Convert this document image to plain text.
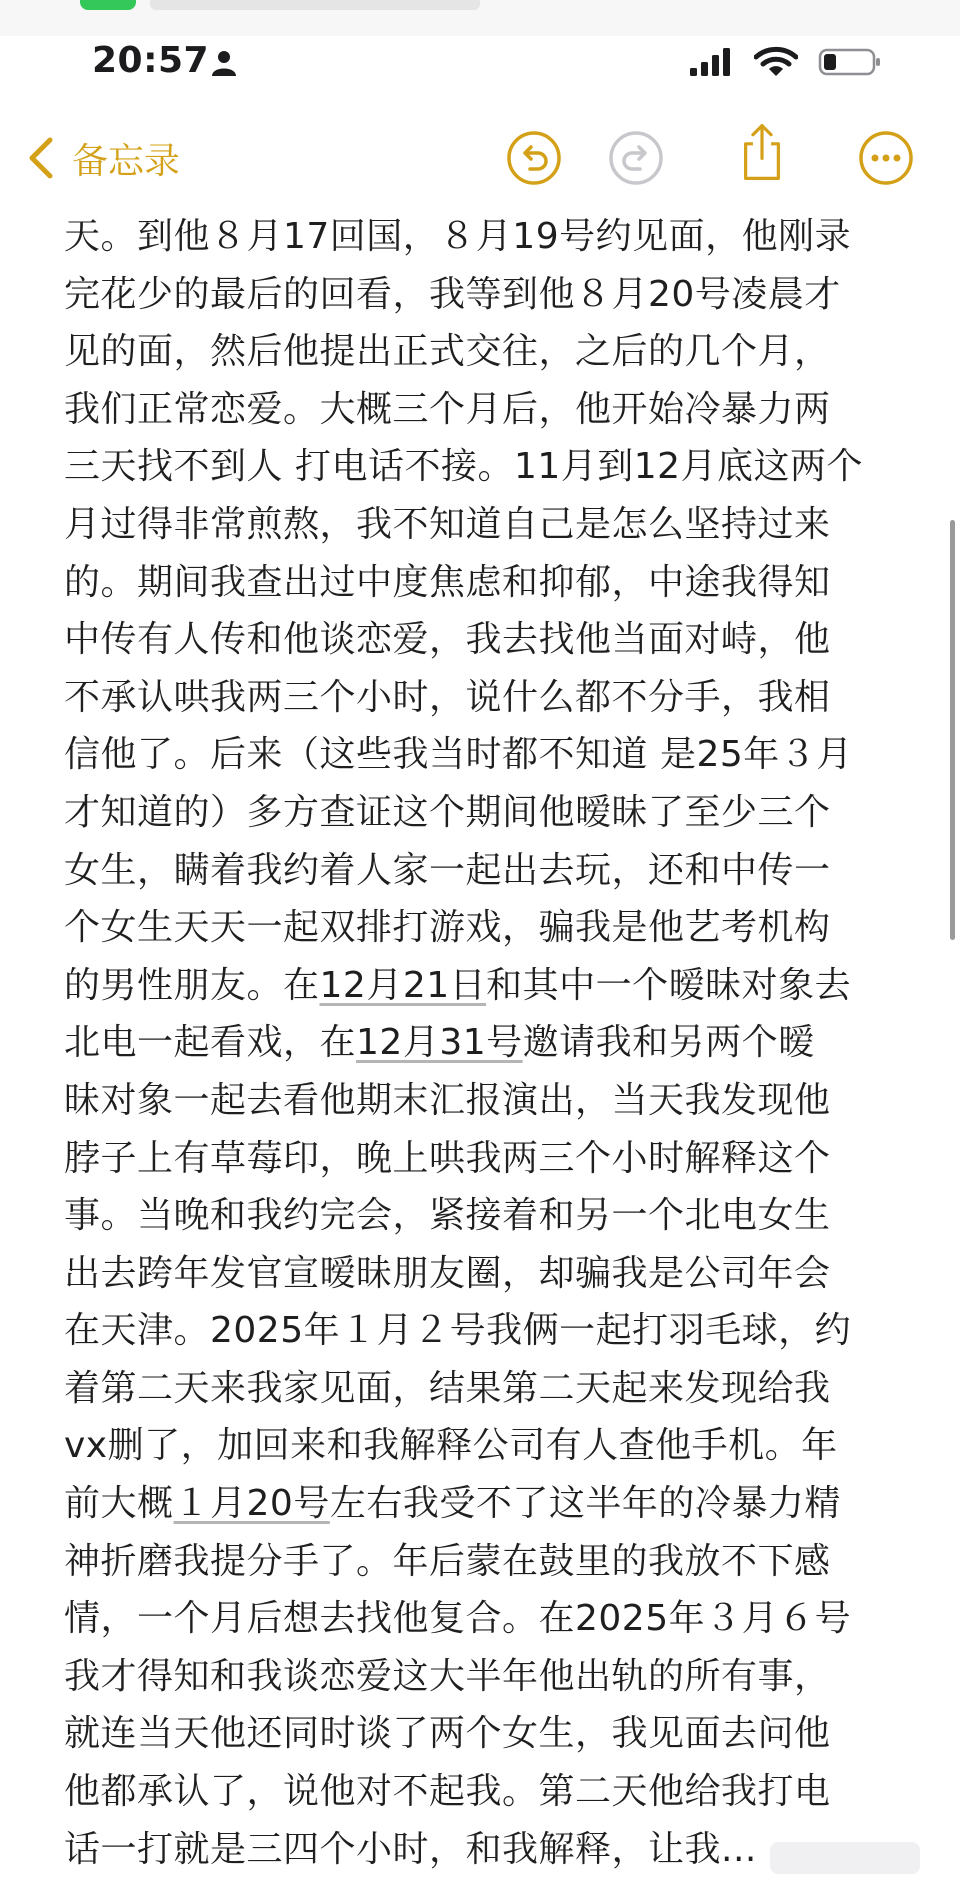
20:57
备忘录
天。到他８月17回国，８月19号约见面，他刚录
完花少的最后的回看，我等到他８月20号凌晨才
见的面，然后他提出正式交往，之后的几个月，
我们正常恋爱。大概三个月后，他开始冷暴力两
三天找不到人 打电话不接。11月到12月底这两个
月过得非常煎熬，我不知道自己是怎么坚持过来
的。期间我查出过中度焦虑和抑郁，中途我得知
中传有人传和他谈恋爱，我去找他当面对峙，他
不承认哄我两三个小时，说什么都不分手，我相
信他了。后来（这些我当时都不知道 是25年３月
才知道的）多方查证这个期间他暧昧了至少三个
女生，瞒着我约着人家一起出去玩，还和中传一
个女生天天一起双排打游戏，骗我是他艺考机构
的男性朋友。在12月21日和其中一个暧昧对象去
北电一起看戏，在12月31号邀请我和另两个暧
昧对象一起去看他期末汇报演出，当天我发现他
脖子上有草莓印，晚上哄我两三个小时解释这个
事。当晚和我约完会，紧接着和另一个北电女生
出去跨年发官宣暧昧朋友圈，却骗我是公司年会
在天津。2025年１月２号我俩一起打羽毛球，约
着第二天来我家见面，结果第二天起来发现给我
vx删了，加回来和我解释公司有人查他手机。年
前大概１月20号左右我受不了这半年的冷暴力精
神折磨我提分手了。年后蒙在鼓里的我放不下感
情，一个月后想去找他复合。在2025年３月６号
我才得知和我谈恋爱这大半年他出轨的所有事，
就连当天他还同时谈了两个女生，我见面去问他
他都承认了，说他对不起我。第二天他给我打电
话一打就是三四个小时，和我解释，让我...
